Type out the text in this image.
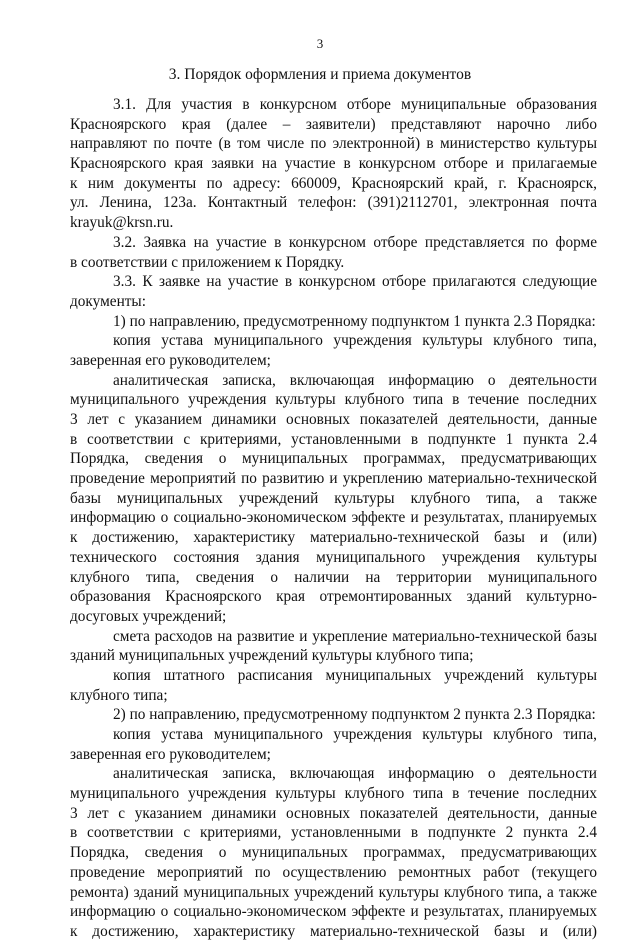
3
3. Порядок оформления и приема документов
3.1. Для участия в конкурсном отборе муниципальные образования
Красноярского края (далее – заявители) представляют нарочно либо
направляют по почте (в том числе по электронной) в министерство культуры
Красноярского края заявки на участие в конкурсном отборе и прилагаемые
к ним документы по адресу: 660009, Красноярский край, г. Красноярск,
ул. Ленина, 123а. Контактный телефон: (391)2112701, электронная почта
krayuk@krsn.ru.
3.2. Заявка на участие в конкурсном отборе представляется по форме
в соответствии с приложением к Порядку.
3.3. К заявке на участие в конкурсном отборе прилагаются следующие
документы:
1) по направлению, предусмотренному подпунктом 1 пункта 2.3 Порядка:
копия устава муниципального учреждения культуры клубного типа,
заверенная его руководителем;
аналитическая записка, включающая информацию о деятельности
муниципального учреждения культуры клубного типа в течение последних
3 лет с указанием динамики основных показателей деятельности, данные
в соответствии с критериями, установленными в подпункте 1 пункта 2.4
Порядка, сведения о муниципальных программах, предусматривающих
проведение мероприятий по развитию и укреплению материально-технической
базы муниципальных учреждений культуры клубного типа, а также
информацию о социально-экономическом эффекте и результатах, планируемых
к достижению, характеристику материально-технической базы и (или)
технического состояния здания муниципального учреждения культуры
клубного типа, сведения о наличии на территории муниципального
образования Красноярского края отремонтированных зданий культурно-
досуговых учреждений;
смета расходов на развитие и укрепление материально-технической базы
зданий муниципальных учреждений культуры клубного типа;
копия штатного расписания муниципальных учреждений культуры
клубного типа;
2) по направлению, предусмотренному подпунктом 2 пункта 2.3 Порядка:
копия устава муниципального учреждения культуры клубного типа,
заверенная его руководителем;
аналитическая записка, включающая информацию о деятельности
муниципального учреждения культуры клубного типа в течение последних
3 лет с указанием динамики основных показателей деятельности, данные
в соответствии с критериями, установленными в подпункте 2 пункта 2.4
Порядка, сведения о муниципальных программах, предусматривающих
проведение мероприятий по осуществлению ремонтных работ (текущего
ремонта) зданий муниципальных учреждений культуры клубного типа, а также
информацию о социально-экономическом эффекте и результатах, планируемых
к достижению, характеристику материально-технической базы и (или)
